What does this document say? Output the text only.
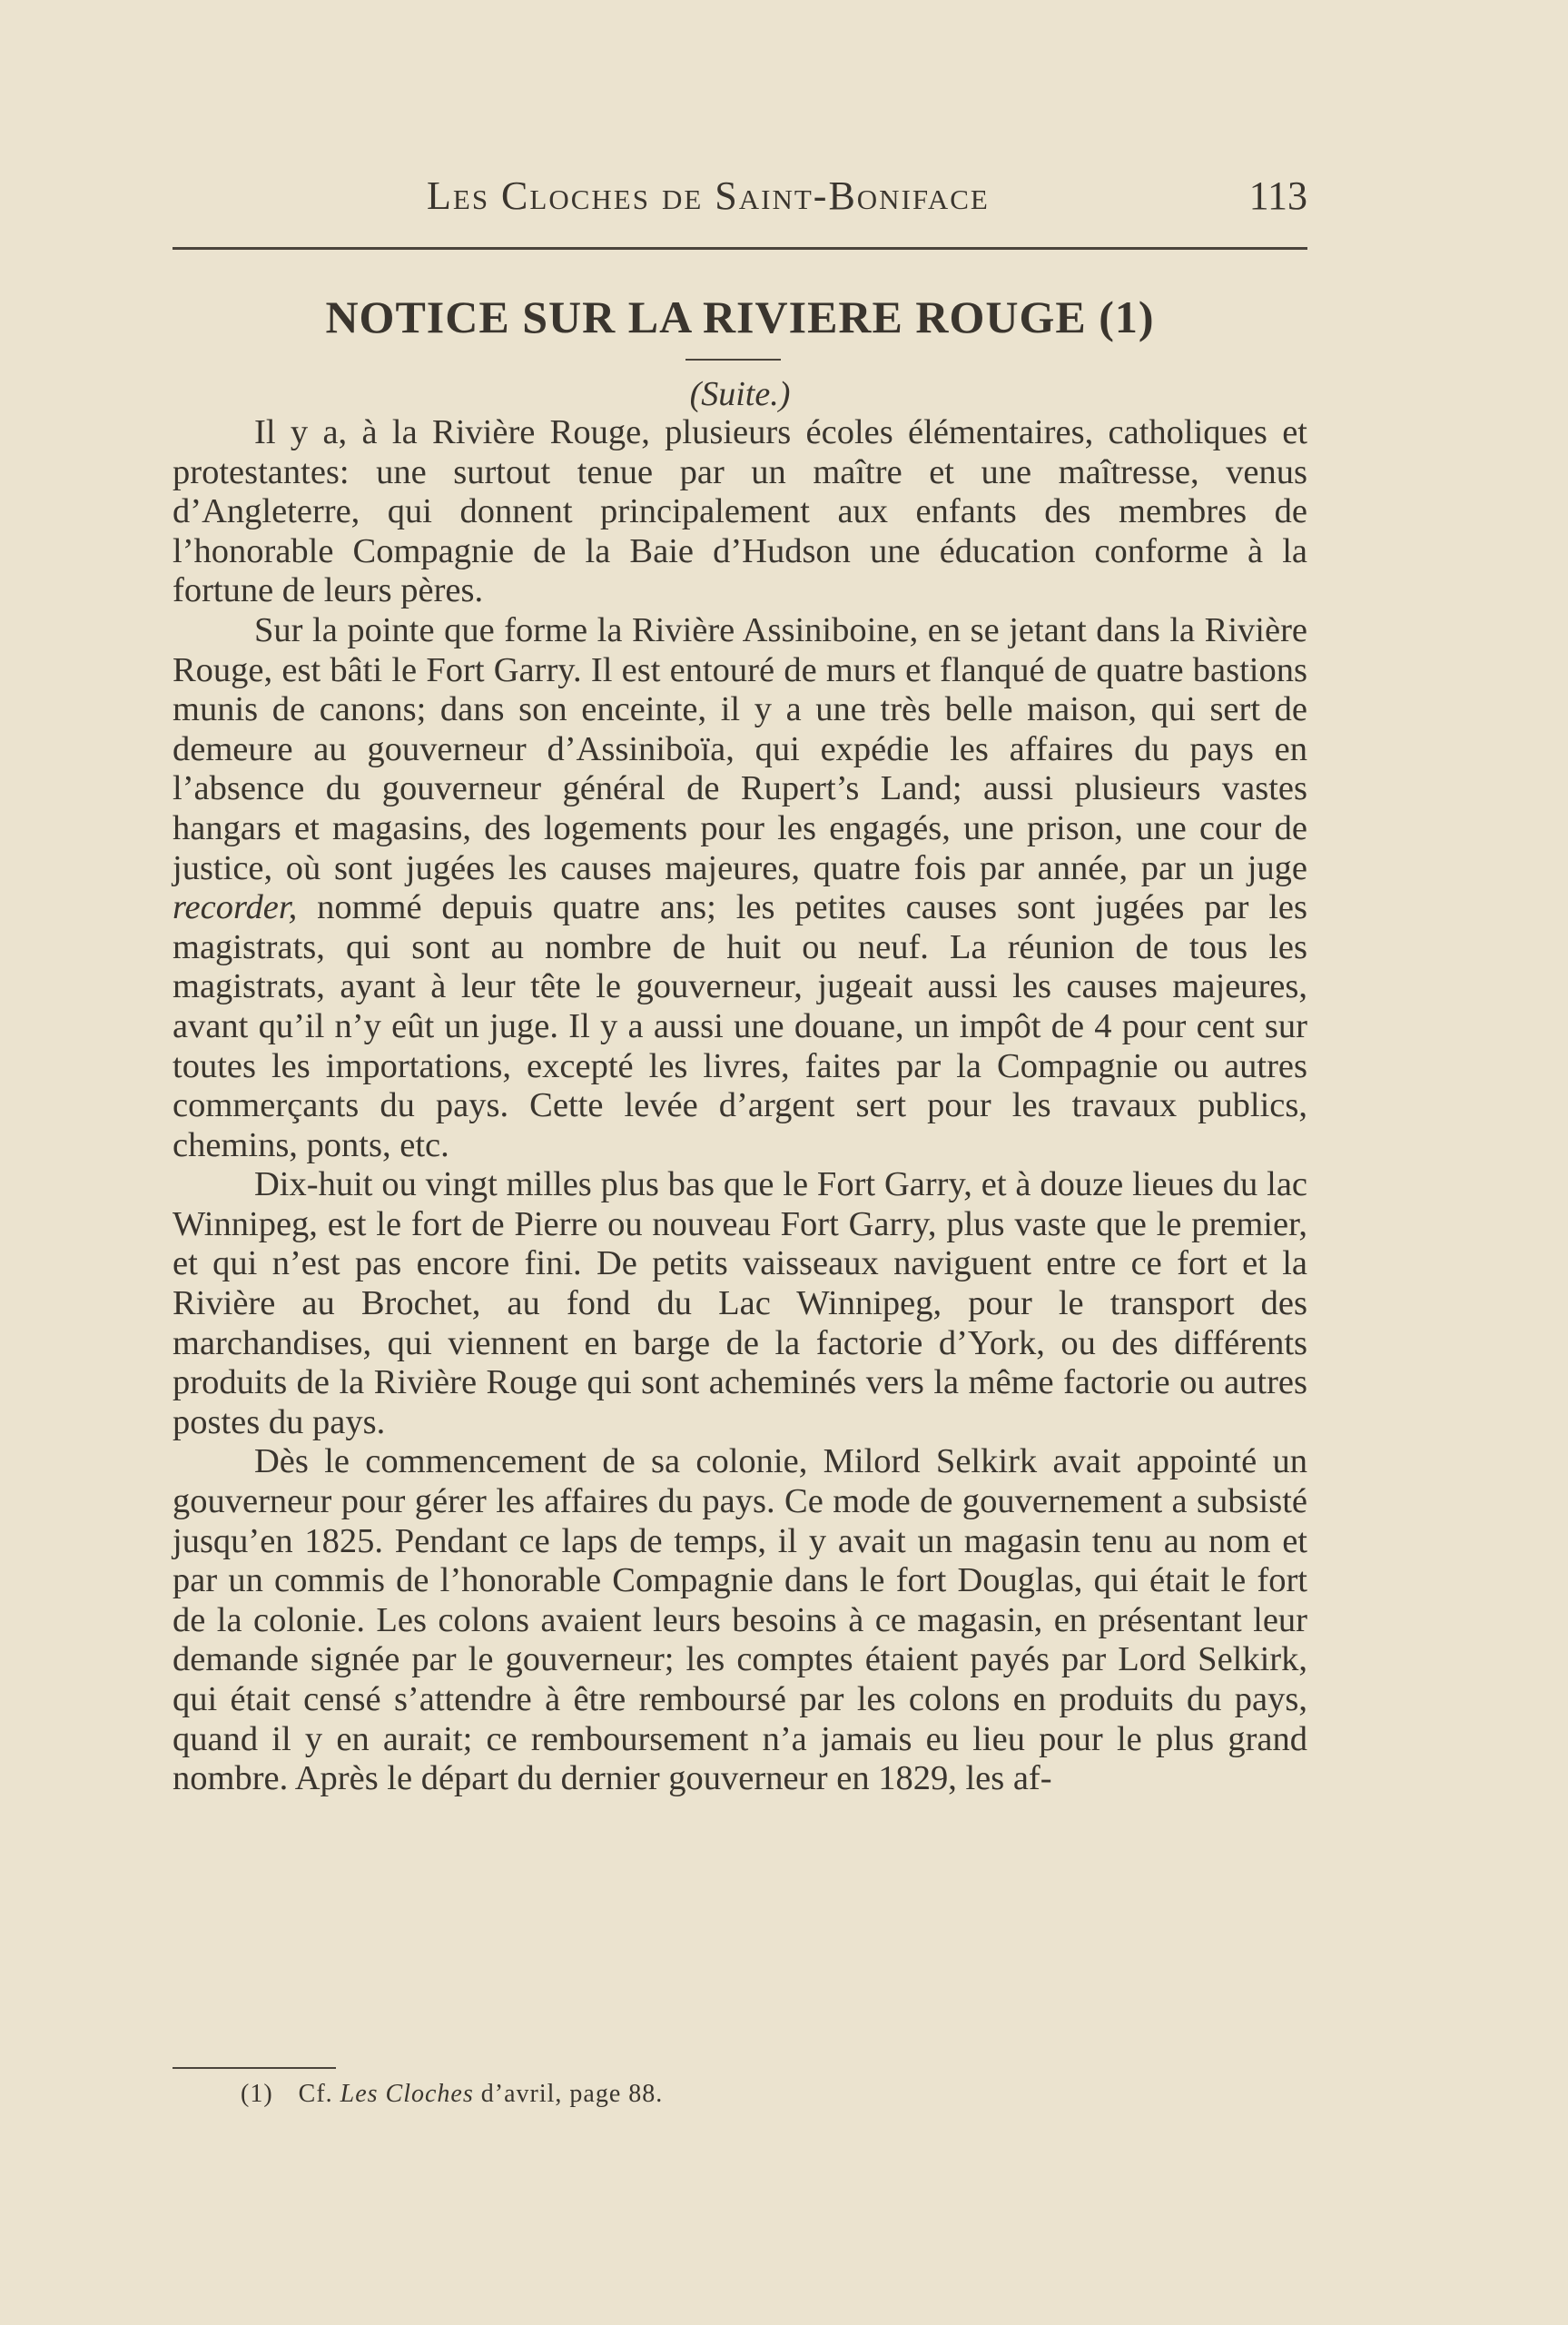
Les Cloches de Saint-Boniface	113
NOTICE SUR LA RIVIERE ROUGE (1)
(Suite.)

Il y a, à la Rivière Rouge, plusieurs écoles élémentaires, catholiques et protestantes: une surtout tenue par un maître et une maîtresse, venus d’Angleterre, qui donnent principalement aux enfants des membres de l’honorable Compagnie de la Baie d’Hudson une éducation conforme à la fortune de leurs pères.

Sur la pointe que forme la Rivière Assiniboine, en se jetant dans la Rivière Rouge, est bâti le Fort Garry. Il est entouré de murs et flanqué de quatre bastions munis de canons; dans son enceinte, il y a une très belle maison, qui sert de demeure au gouverneur d’Assiniboïa, qui expédie les affaires du pays en l’absence du gouverneur général de Rupert’s Land; aussi plusieurs vastes hangars et magasins, des logements pour les engagés, une prison, une cour de justice, où sont jugées les causes majeures, quatre fois par année, par un juge recorder, nommé depuis quatre ans; les petites causes sont jugées par les magistrats, qui sont au nombre de huit ou neuf. La réunion de tous les magistrats, ayant à leur tête le gouverneur, jugeait aussi les causes majeures, avant qu’il n’y eût un juge. Il y a aussi une douane, un impôt de 4 pour cent sur toutes les importations, excepté les livres, faites par la Compagnie ou autres commerçants du pays. Cette levée d’argent sert pour les travaux publics, chemins, ponts, etc.

Dix-huit ou vingt milles plus bas que le Fort Garry, et à douze lieues du lac Winnipeg, est le fort de Pierre ou nouveau Fort Garry, plus vaste que le premier, et qui n’est pas encore fini. De petits vaisseaux naviguent entre ce fort et la Rivière au Brochet, au fond du Lac Winnipeg, pour le transport des marchandises, qui viennent en barge de la factorie d’York, ou des différents produits de la Rivière Rouge qui sont acheminés vers la même factorie ou autres postes du pays.

Dès le commencement de sa colonie, Milord Selkirk avait appointé un gouverneur pour gérer les affaires du pays. Ce mode de gouvernement a subsisté jusqu’en 1825. Pendant ce laps de temps, il y avait un magasin tenu au nom et par un commis de l’honorable Compagnie dans le fort Douglas, qui était le fort de la colonie. Les colons avaient leurs besoins à ce magasin, en présentant leur demande signée par le gouverneur; les comptes étaient payés par Lord Selkirk, qui était censé s’attendre à être remboursé par les colons en produits du pays, quand il y en aurait; ce remboursement n’a jamais eu lieu pour le plus grand nombre. Après le départ du dernier gouverneur en 1829, les af-

(1) Cf. Les Cloches d’avril, page 88.
